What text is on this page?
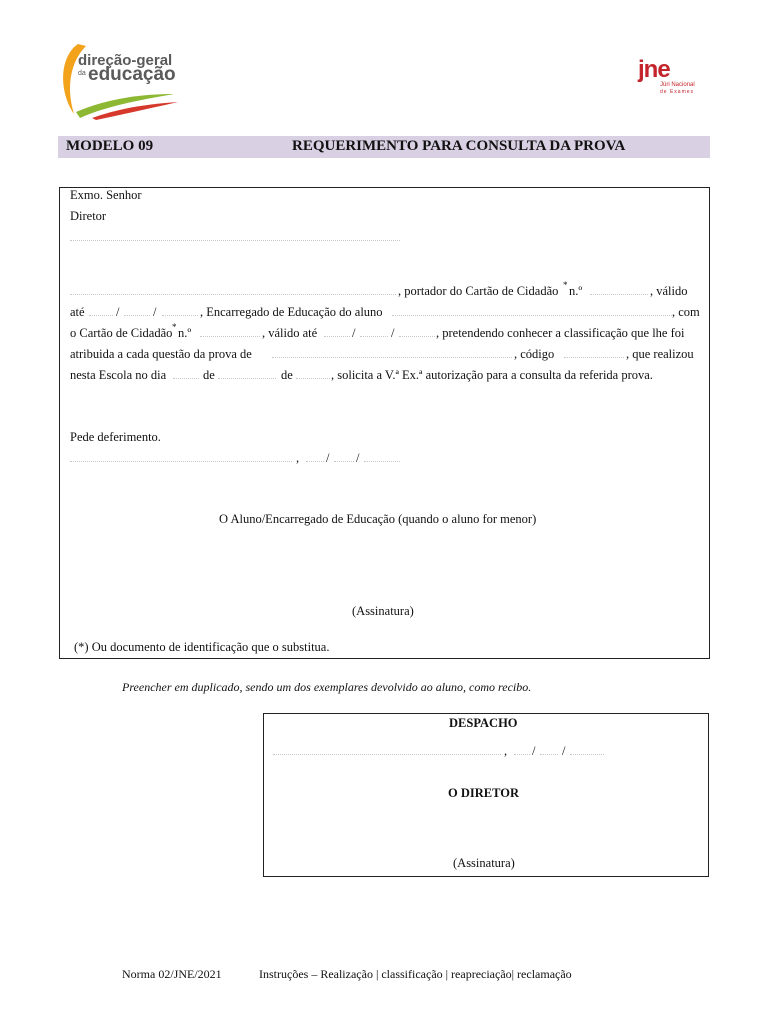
direção-geral
da educação	jne
Júri Nacional
de Exames
MODELO 09	REQUERIMENTO PARA CONSULTA DA PROVA
Exmo. Senhor
Diretor
, portador do Cartão de Cidadão * n.º	, válido
até	/	/	, Encarregado de Educação do aluno	, com
o Cartão de Cidadão * n.º	, válido até	/	/	, pretendendo conhecer a classificação que lhe foi
atribuida a cada questão da prova de	, código	, que realizou
nesta Escola no dia	de	de	, solicita a V.ª Ex.ª autorização para a consulta da referida prova.
Pede deferimento.
, / /
O Aluno/Encarregado de Educação (quando o aluno for menor)
(Assinatura)
(*) Ou documento de identificação que o substitua.
Preencher em duplicado, sendo um dos exemplares devolvido ao aluno, como recibo.
DESPACHO
, / /
O DIRETOR
(Assinatura)
Norma 02/JNE/2021	Instruções – Realização | classificação | reapreciação| reclamação
